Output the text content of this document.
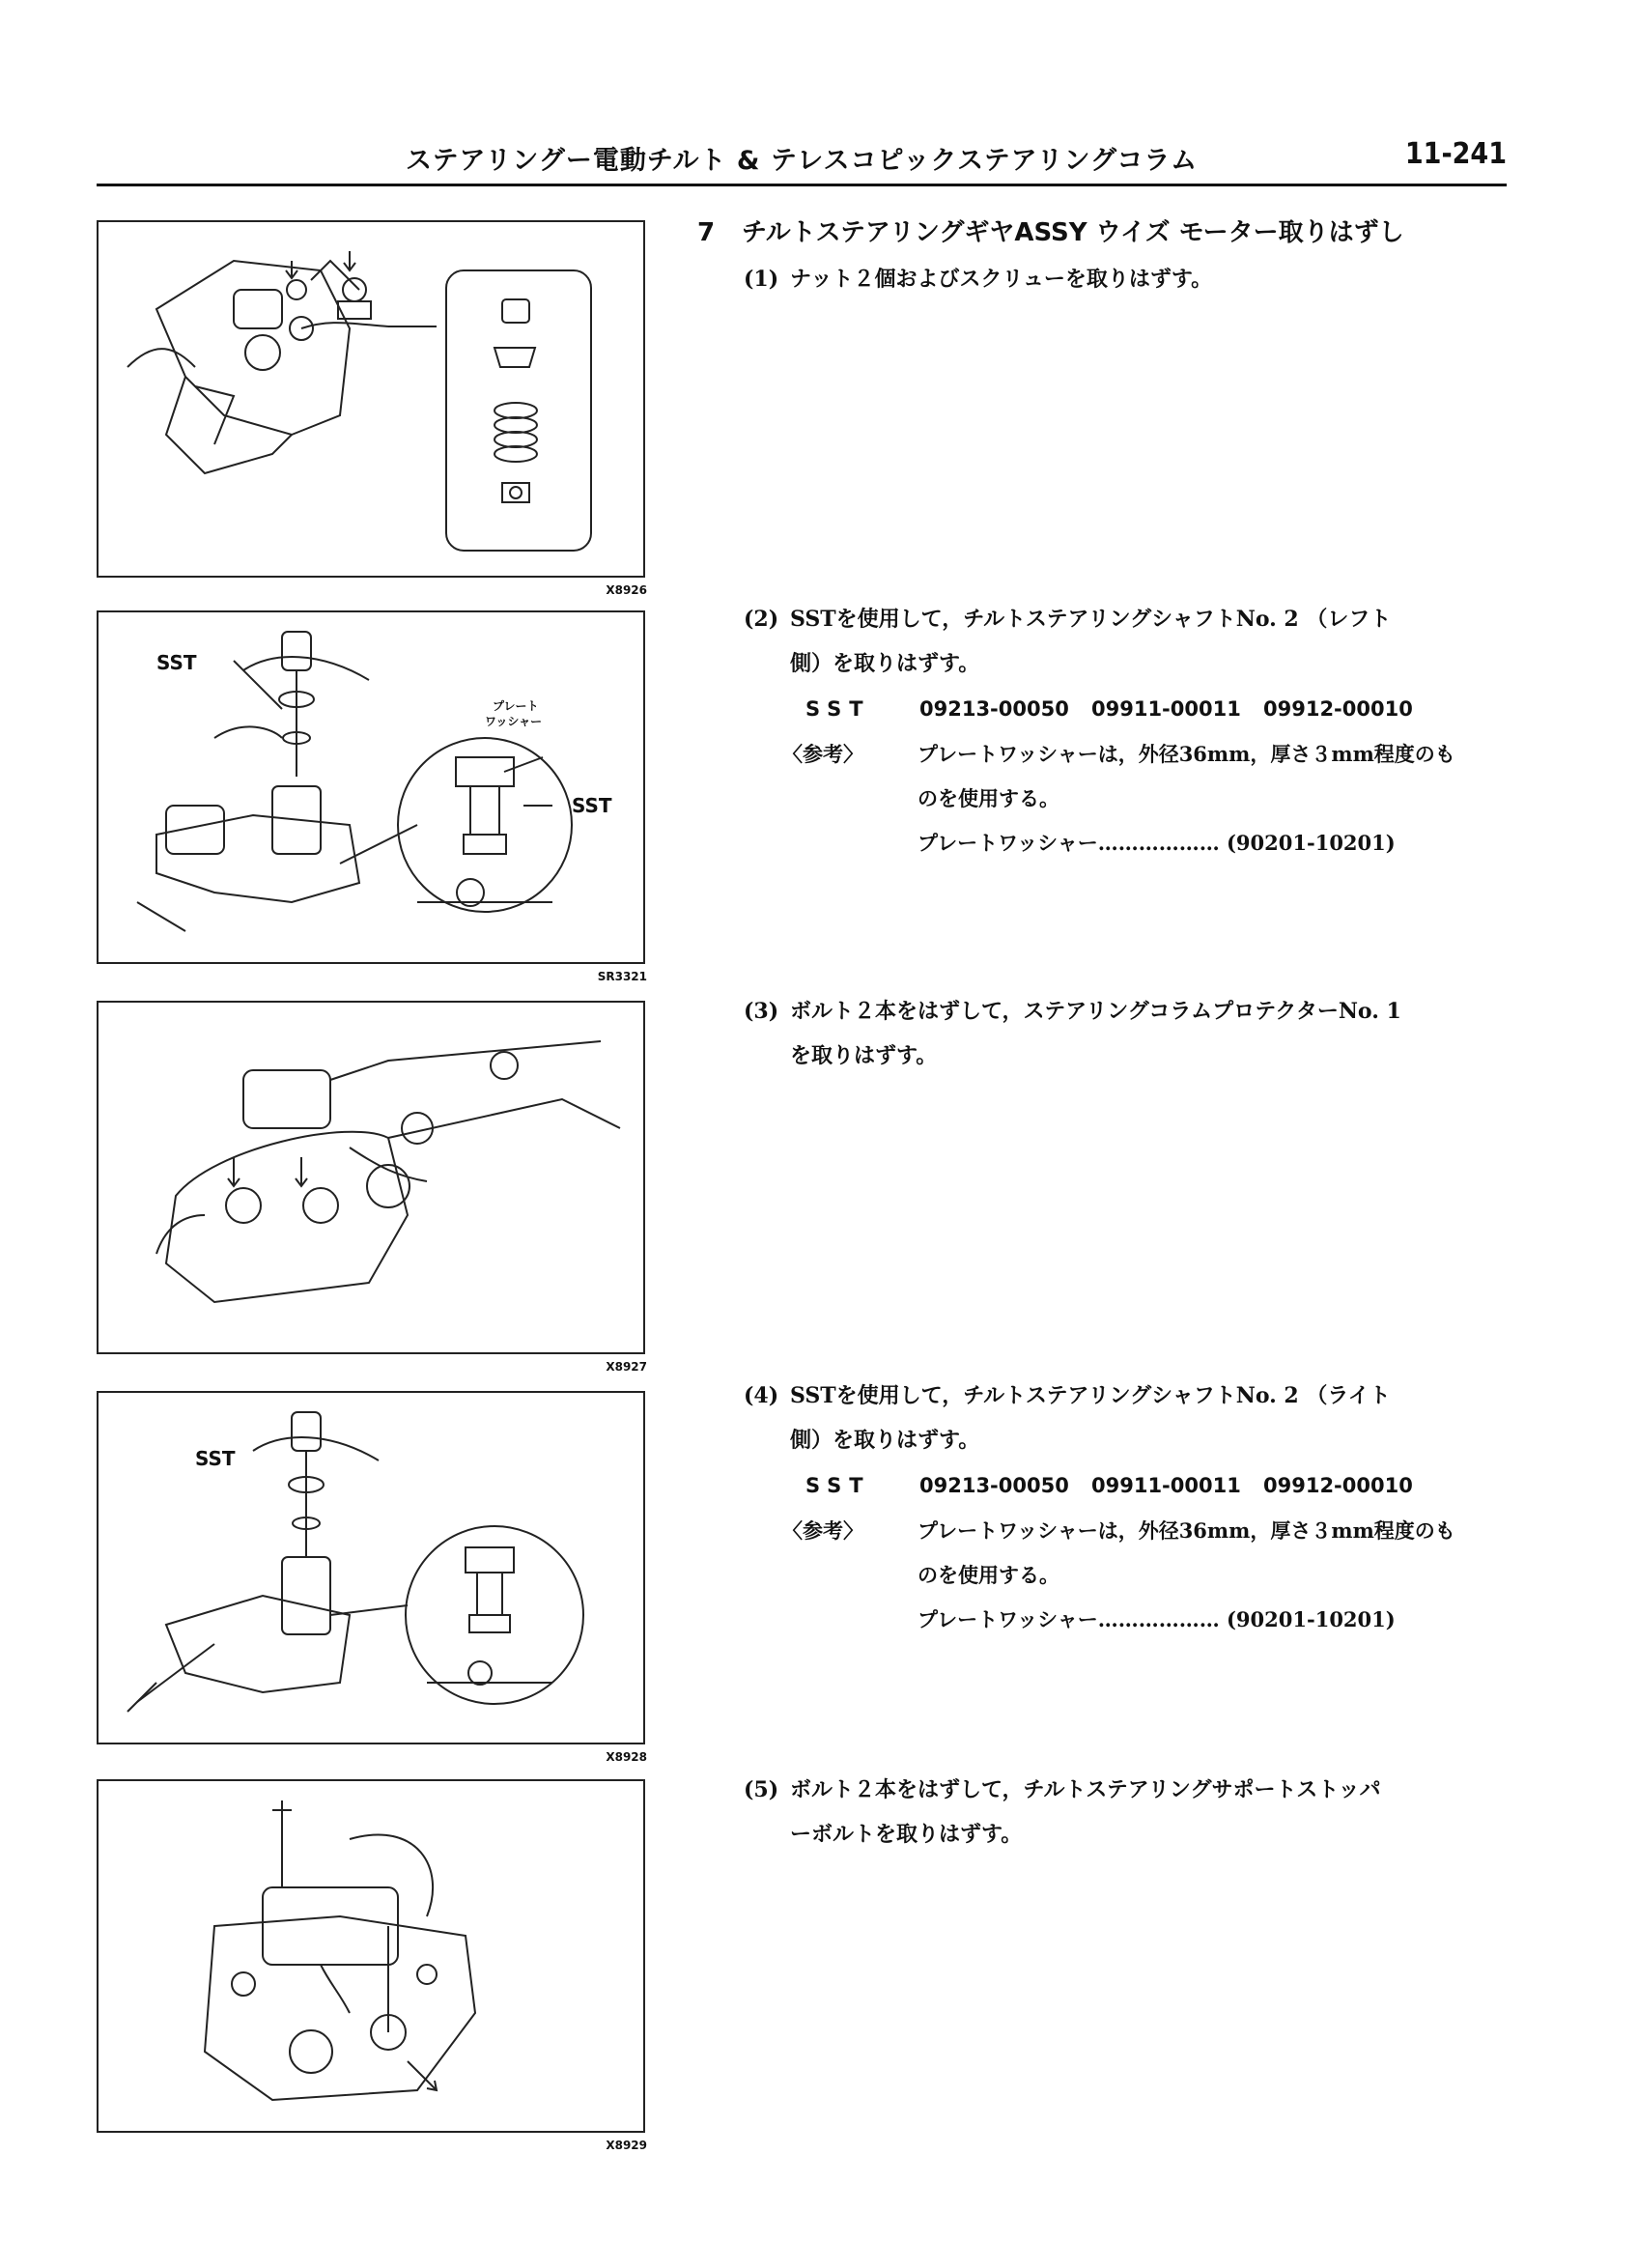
ステアリングー電動チルト & テレスコピックステアリングコラム	11-241
7 チルトステアリングギヤASSY ウイズ モーター取りはずし
X8926
SST
プレート
ワッシャー
SST
SR3321
X8927
SST
X8928
X8929
(1) ナット２個およびスクリューを取りはずす。
(2) SSTを使用して，チルトステアリングシャフトNo. 2 （レフト
側）を取りはずす。
SST 09213-00050 09911-00011 09912-00010
〈参考〉	プレートワッシャーは，外径36mm，厚さ３mm程度のも
のを使用する。
プレートワッシャー……………… (90201-10201)
(3) ボルト２本をはずして，ステアリングコラムプロテクターNo. 1
を取りはずす。
(4) SSTを使用して，チルトステアリングシャフトNo. 2 （ライト
側）を取りはずす。
SST 09213-00050 09911-00011 09912-00010
〈参考〉	プレートワッシャーは，外径36mm，厚さ３mm程度のも
のを使用する。
プレートワッシャー……………… (90201-10201)
(5) ボルト２本をはずして，チルトステアリングサポートストッパ
ーボルトを取りはずす。
